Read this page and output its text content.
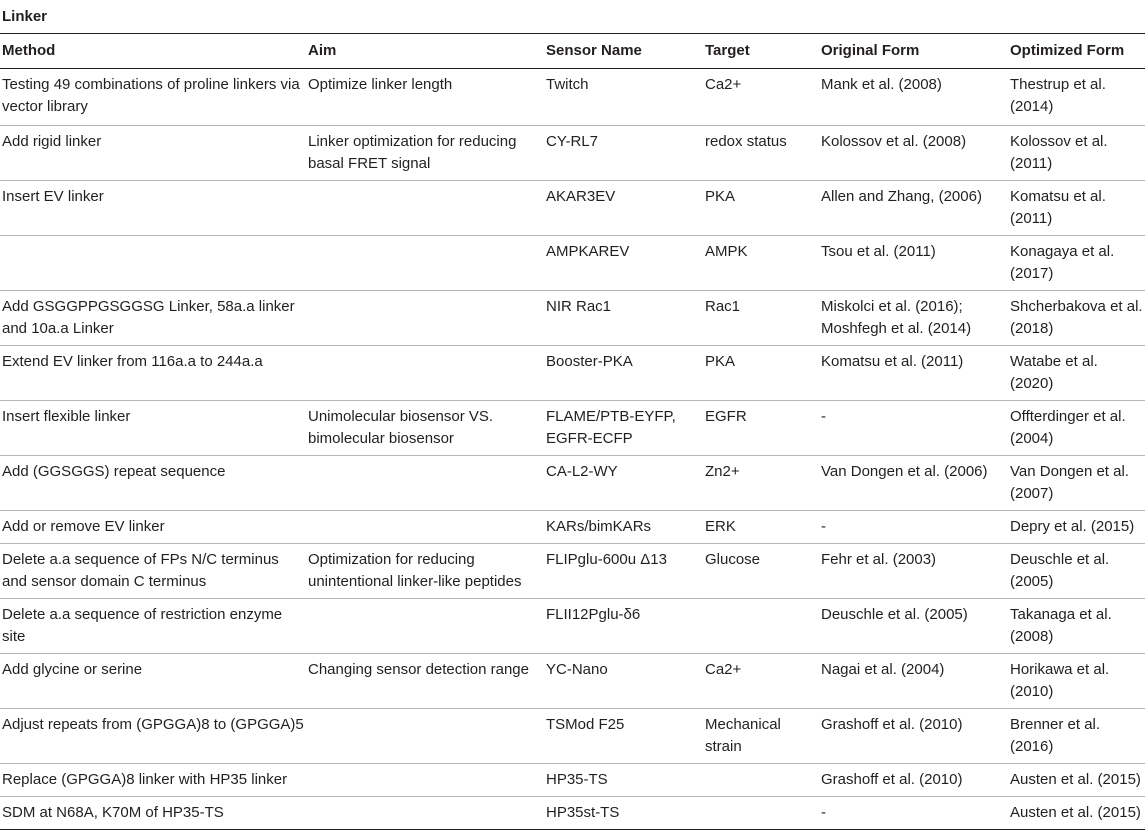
Linker
Method	Aim	Sensor Name	Target	Original Form	Optimized Form
Testing 49 combinations of proline linkers via vector library	Optimize linker length	Twitch	Ca2+	Mank et al. (2008)	Thestrup et al. (2014)
Add rigid linker	Linker optimization for reducing basal FRET signal	CY-RL7	redox status	Kolossov et al. (2008)	Kolossov et al. (2011)
Insert EV linker		AKAR3EV	PKA	Allen and Zhang, (2006)	Komatsu et al. (2011)
		AMPKAREV	AMPK	Tsou et al. (2011)	Konagaya et al. (2017)
Add GSGGPPGSGGSG Linker, 58a.a linker and 10a.a Linker		NIR Rac1	Rac1	Miskolci et al. (2016); Moshfegh et al. (2014)	Shcherbakova et al. (2018)
Extend EV linker from 116a.a to 244a.a		Booster-PKA	PKA	Komatsu et al. (2011)	Watabe et al. (2020)
Insert flexible linker	Unimolecular biosensor VS. bimolecular biosensor	FLAME/PTB-EYFP, EGFR-ECFP	EGFR	-	Offterdinger et al. (2004)
Add (GGSGGS) repeat sequence		CA-L2-WY	Zn2+	Van Dongen et al. (2006)	Van Dongen et al. (2007)
Add or remove EV linker		KARs/bimKARs	ERK	-	Depry et al. (2015)
Delete a.a sequence of FPs N/C terminus and sensor domain C terminus	Optimization for reducing unintentional linker-like peptides	FLIPglu-600u Δ13	Glucose	Fehr et al. (2003)	Deuschle et al. (2005)
Delete a.a sequence of restriction enzyme site		FLII12Pglu-δ6		Deuschle et al. (2005)	Takanaga et al. (2008)
Add glycine or serine	Changing sensor detection range	YC-Nano	Ca2+	Nagai et al. (2004)	Horikawa et al. (2010)
Adjust repeats from (GPGGA)8 to (GPGGA)5		TSMod F25	Mechanical strain	Grashoff et al. (2010)	Brenner et al. (2016)
Replace (GPGGA)8 linker with HP35 linker		HP35-TS		Grashoff et al. (2010)	Austen et al. (2015)
SDM at N68A, K70M of HP35-TS		HP35st-TS		-	Austen et al. (2015)
